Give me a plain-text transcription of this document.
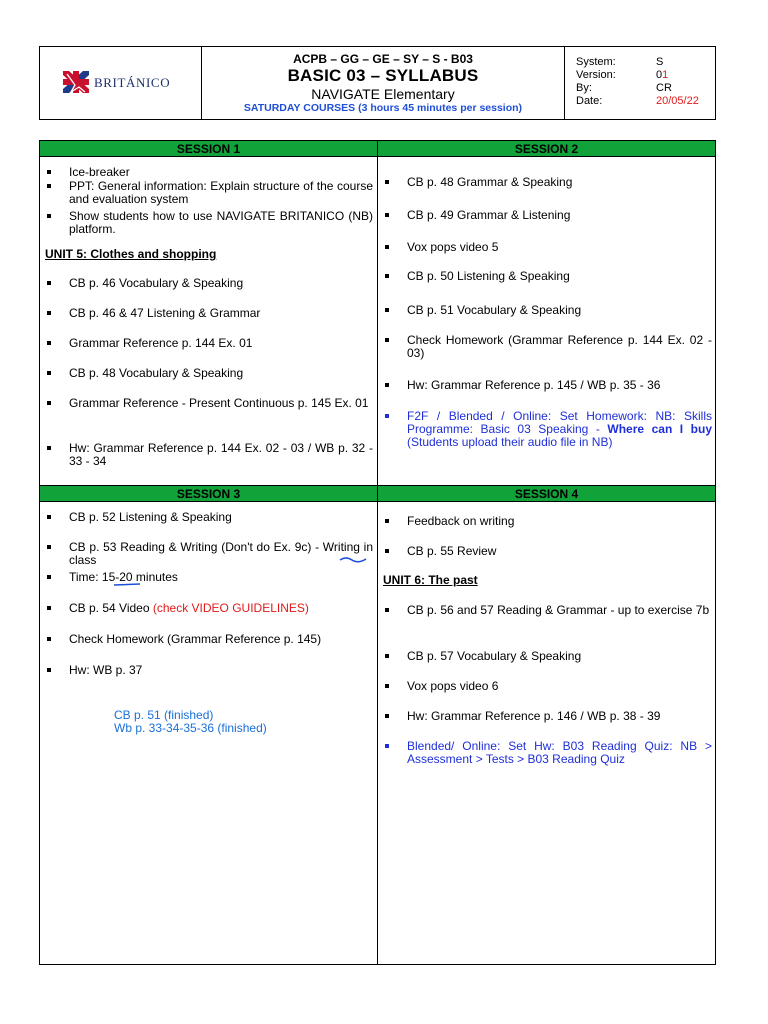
BRITÁNICO
ACPB – GG – GE – SY – S - B03
BASIC 03 – SYLLABUS
NAVIGATE Elementary
SATURDAY COURSES (3 hours 45 minutes per session)
System:	S
Version:	01
By:	CR
Date:	20/05/22
SESSION 1	SESSION 2
Ice-breaker
PPT: General information: Explain structure of the course and evaluation system
Show students how to use NAVIGATE BRITANICO (NB) platform.
UNIT 5: Clothes and shopping
CB p. 46 Vocabulary & Speaking
CB p. 46 & 47 Listening & Grammar
Grammar Reference p. 144 Ex. 01
CB p. 48 Vocabulary & Speaking
Grammar Reference - Present Continuous p. 145 Ex. 01
Hw: Grammar Reference p. 144 Ex. 02 - 03 / WB p. 32 - 33 - 34
CB p. 48 Grammar & Speaking
CB p. 49 Grammar & Listening
Vox pops video 5
CB p. 50 Listening & Speaking
CB p. 51 Vocabulary & Speaking
Check Homework (Grammar Reference p. 144 Ex. 02 - 03)
Hw: Grammar Reference p. 145 / WB p. 35 - 36
F2F / Blended / Online: Set Homework: NB: Skills Programme: Basic 03 Speaking - Where can I buy (Students upload their audio file in NB)
SESSION 3	SESSION 4
CB p. 52 Listening & Speaking
CB p. 53 Reading & Writing (Don't do Ex. 9c) - Writing in class
Time: 15-20 minutes
CB p. 54 Video (check VIDEO GUIDELINES)
Check Homework (Grammar Reference p. 145)
Hw: WB p. 37
CB p. 51 (finished)
Wb p. 33-34-35-36 (finished)
Feedback on writing
CB p. 55 Review
UNIT 6: The past
CB p. 56 and 57 Reading & Grammar - up to exercise 7b
CB p. 57 Vocabulary & Speaking
Vox pops video 6
Hw: Grammar Reference p. 146 / WB p. 38 - 39
Blended/ Online: Set Hw: B03 Reading Quiz: NB > Assessment > Tests > B03 Reading Quiz
